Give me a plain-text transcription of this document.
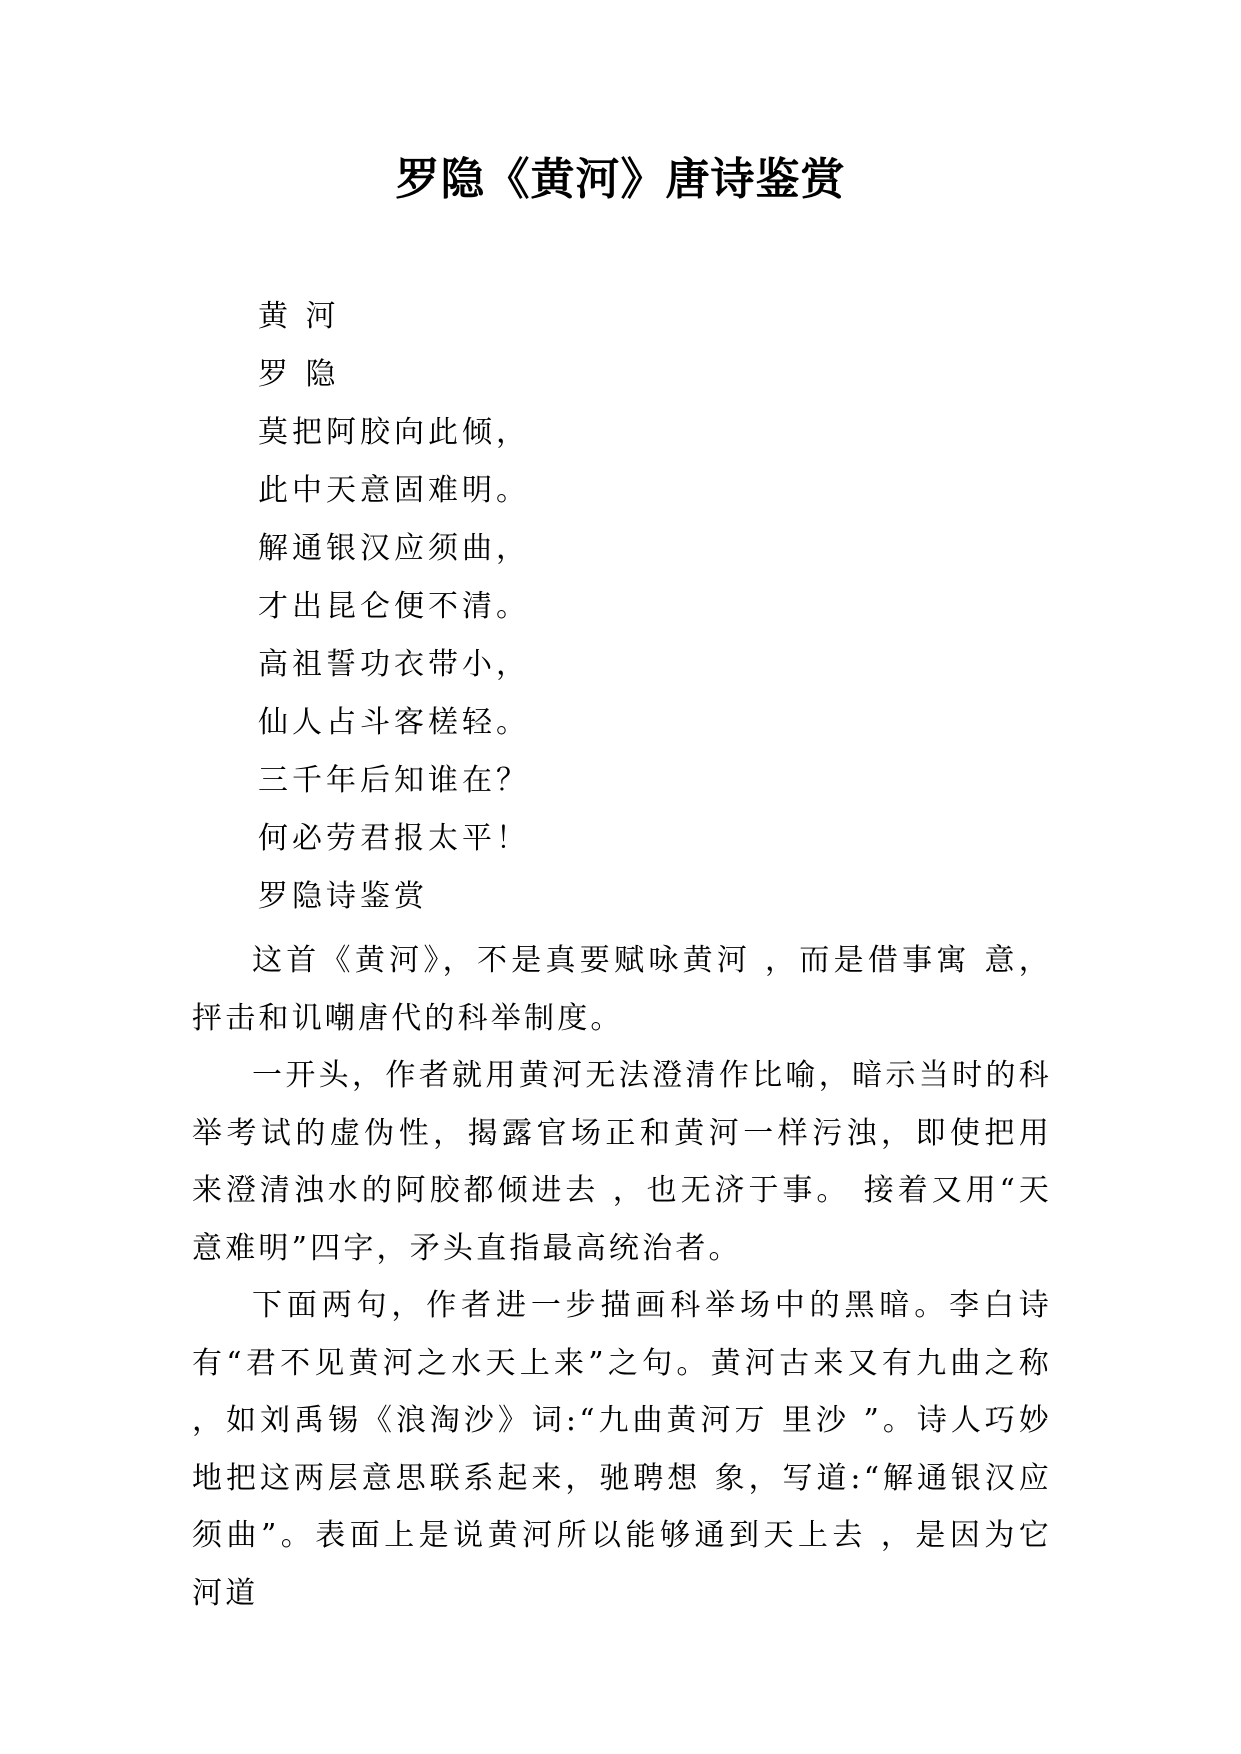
罗隐《黄河》唐诗鉴赏
黄 河
罗 隐
莫把阿胶向此倾，
此中天意固难明。
解通银汉应须曲，
才出昆仑便不清。
高祖誓功衣带小，
仙人占斗客槎轻。
三千年后知谁在？
何必劳君报太平！
罗隐诗鉴赏

这首《黄河》，不是真要赋咏黄河 ，而是借事寓 意，抨击和讥嘲唐代的科举制度。

一开头，作者就用黄河无法澄清作比喻，暗示当时的科举考试的虚伪性，揭露官场正和黄河一样污浊，即使把用来澄清浊水的阿胶都倾进去 ，也无济于事。 接着又用“天意难明”四字，矛头直指最高统治者。

下面两句，作者进一步描画科举场中的黑暗。李白诗有“君不见黄河之水天上来”之句。黄河古来又有九曲之称 ，如刘禹锡《浪淘沙》词:“九曲黄河万 里沙 ”。诗人巧妙地把这两层意思联系起来，驰聘想 象，写道:“解通银汉应须曲”。表面上是说黄河所以能够通到天上去 ，是因为它河道
